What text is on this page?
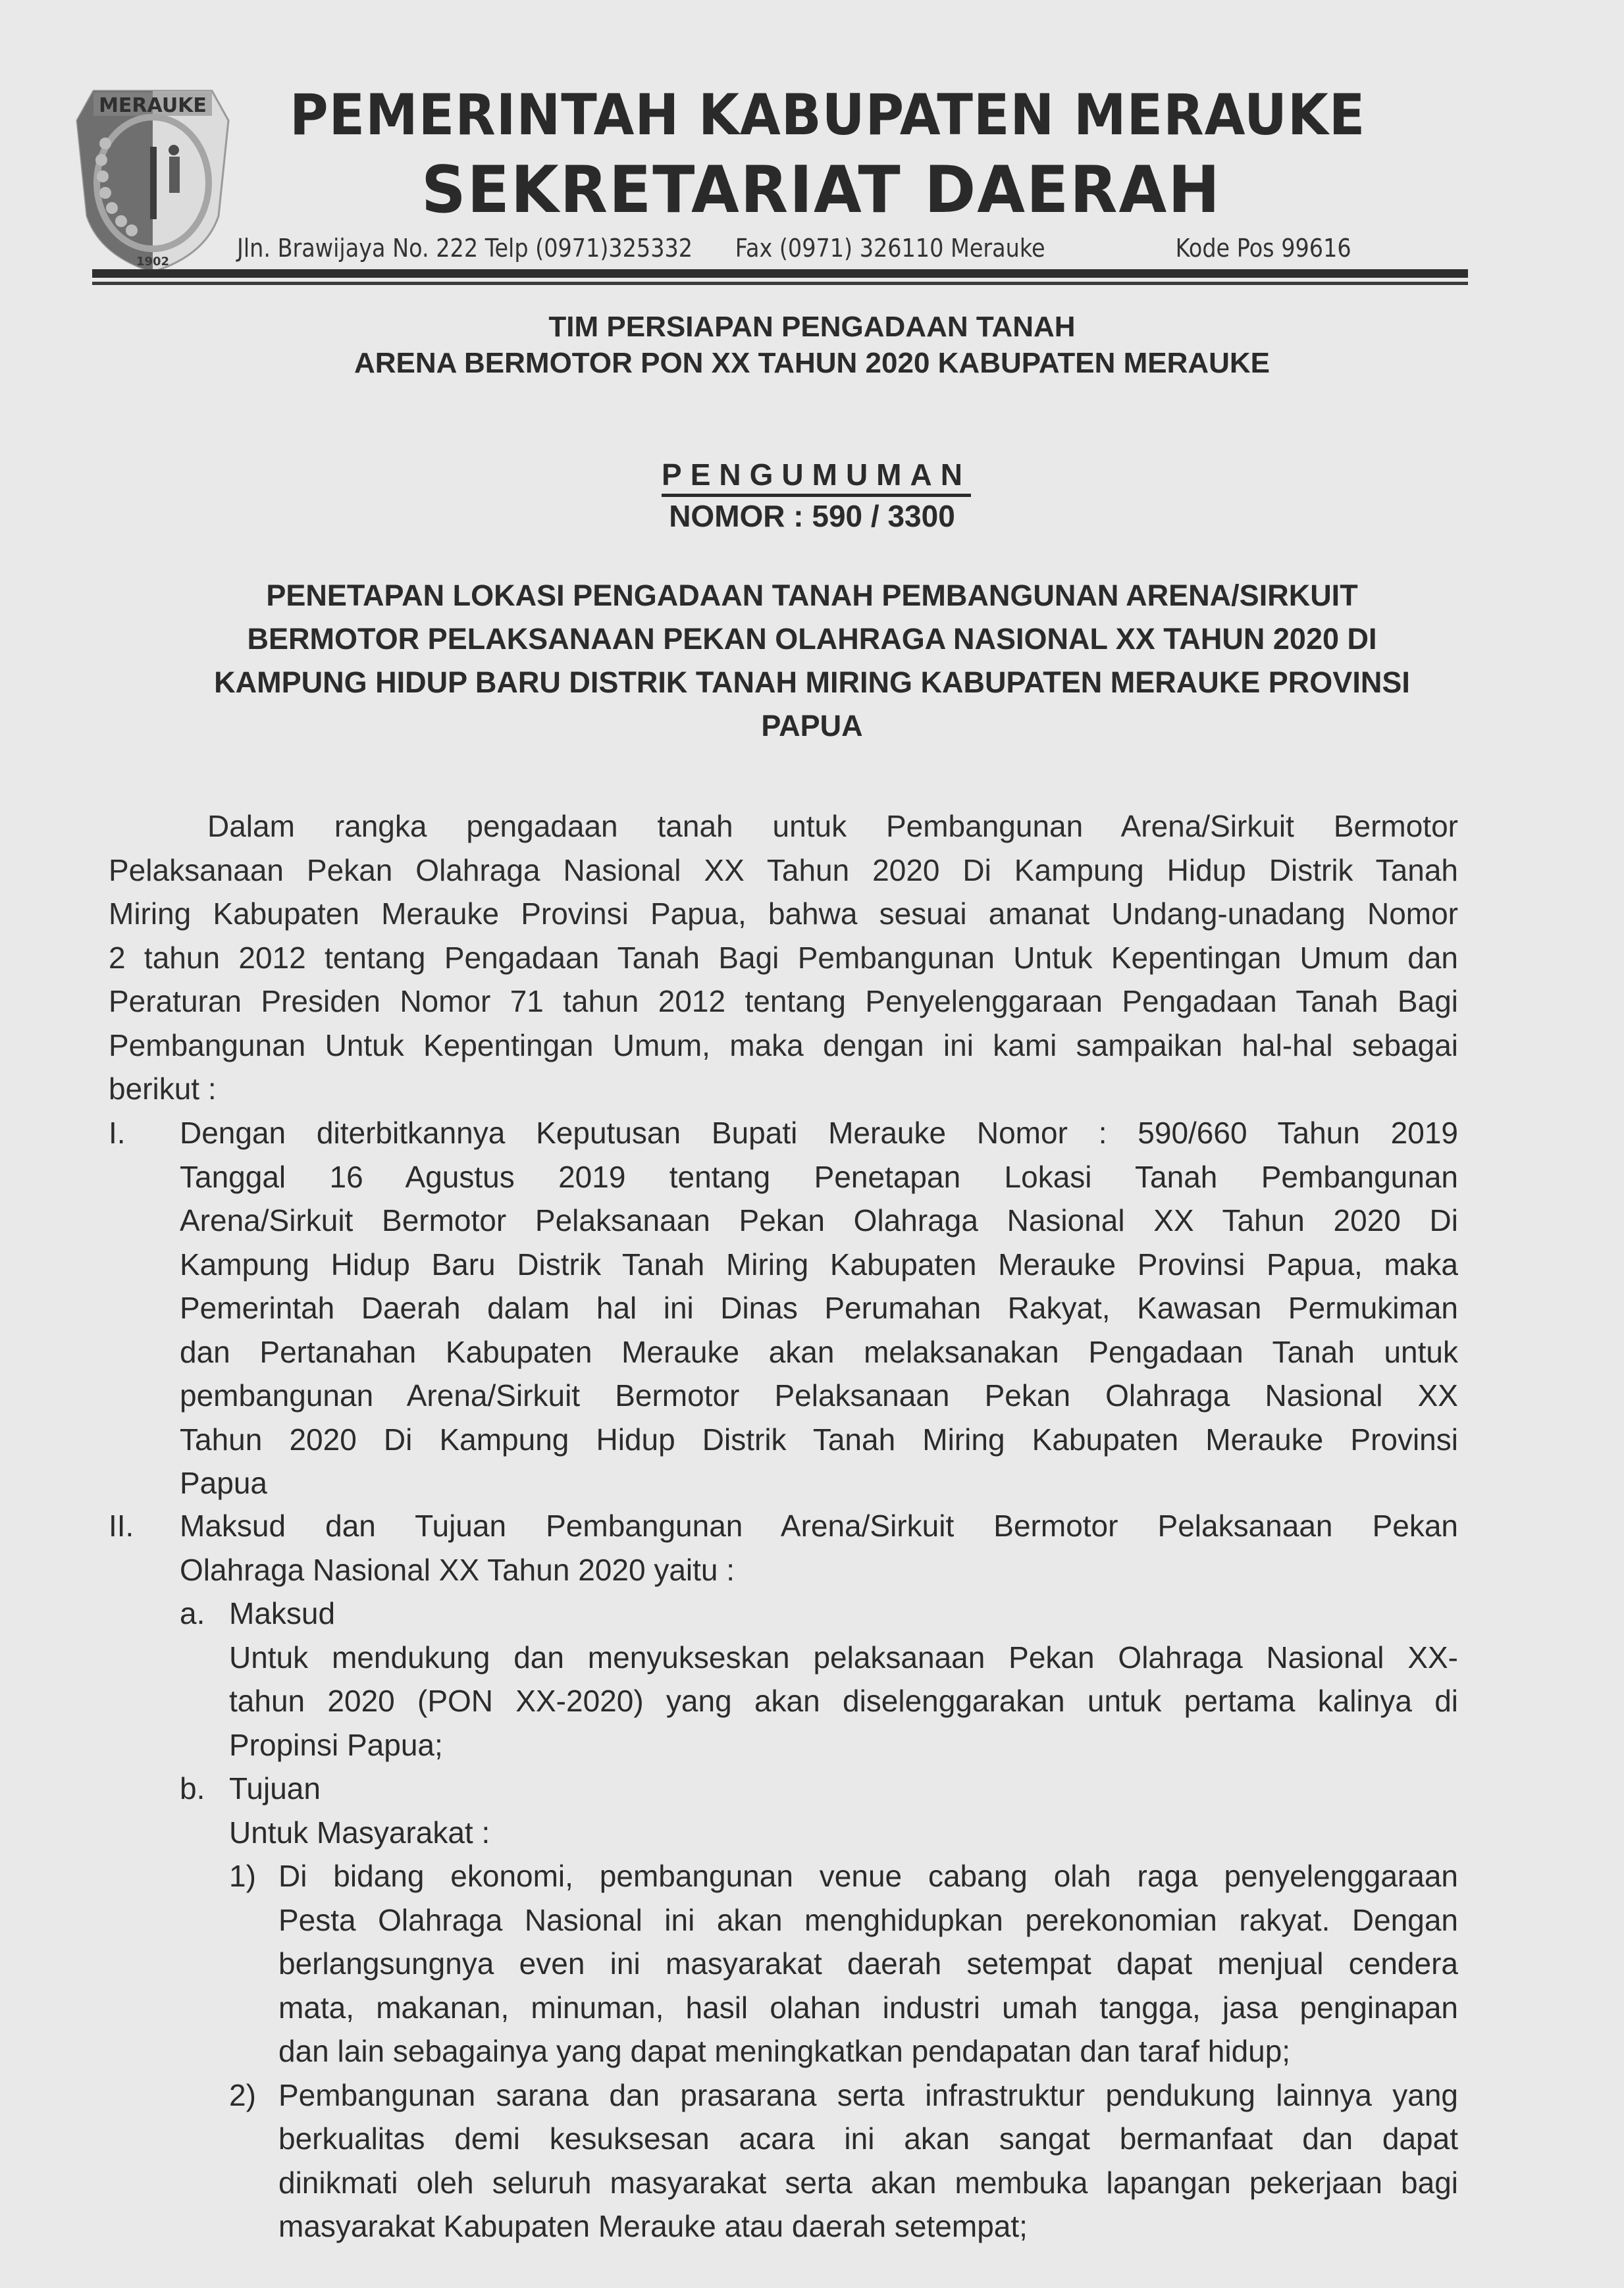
MERAUKE
1902
PEMERINTAH KABUPATEN MERAUKE
SEKRETARIAT DAERAH
Jln. Brawijaya No. 222 Telp (0971)325332 Fax (0971) 326110 Merauke	Kode Pos 99616
TIM PERSIAPAN PENGADAAN TANAH
ARENA BERMOTOR PON XX TAHUN 2020 KABUPATEN MERAUKE
PENGUMUMAN
NOMOR : 590 / 3300
PENETAPAN LOKASI PENGADAAN TANAH PEMBANGUNAN ARENA/SIRKUIT
BERMOTOR PELAKSANAAN PEKAN OLAHRAGA NASIONAL XX TAHUN 2020 DI
KAMPUNG HIDUP BARU DISTRIK TANAH MIRING KABUPATEN MERAUKE PROVINSI
PAPUA
Dalam rangka pengadaan tanah untuk Pembangunan Arena/Sirkuit Bermotor
Pelaksanaan Pekan Olahraga Nasional XX Tahun 2020 Di Kampung Hidup Distrik Tanah
Miring Kabupaten Merauke Provinsi Papua, bahwa sesuai amanat Undang-unadang Nomor
2 tahun 2012 tentang Pengadaan Tanah Bagi Pembangunan Untuk Kepentingan Umum dan
Peraturan Presiden Nomor 71 tahun 2012 tentang Penyelenggaraan Pengadaan Tanah Bagi
Pembangunan Untuk Kepentingan Umum, maka dengan ini kami sampaikan hal-hal sebagai
berikut :
I. Dengan diterbitkannya Keputusan Bupati Merauke Nomor : 590/660 Tahun 2019
Tanggal 16 Agustus 2019 tentang Penetapan Lokasi Tanah Pembangunan
Arena/Sirkuit Bermotor Pelaksanaan Pekan Olahraga Nasional XX Tahun 2020 Di
Kampung Hidup Baru Distrik Tanah Miring Kabupaten Merauke Provinsi Papua, maka
Pemerintah Daerah dalam hal ini Dinas Perumahan Rakyat, Kawasan Permukiman
dan Pertanahan Kabupaten Merauke akan melaksanakan Pengadaan Tanah untuk
pembangunan Arena/Sirkuit Bermotor Pelaksanaan Pekan Olahraga Nasional XX
Tahun 2020 Di Kampung Hidup Distrik Tanah Miring Kabupaten Merauke Provinsi
Papua
II. Maksud dan Tujuan Pembangunan Arena/Sirkuit Bermotor Pelaksanaan Pekan
Olahraga Nasional XX Tahun 2020 yaitu :
a. Maksud
Untuk mendukung dan menyukseskan pelaksanaan Pekan Olahraga Nasional XX-
tahun 2020 (PON XX-2020) yang akan diselenggarakan untuk pertama kalinya di
Propinsi Papua;
b. Tujuan
Untuk Masyarakat :
1) Di bidang ekonomi, pembangunan venue cabang olah raga penyelenggaraan
Pesta Olahraga Nasional ini akan menghidupkan perekonomian rakyat. Dengan
berlangsungnya even ini masyarakat daerah setempat dapat menjual cendera
mata, makanan, minuman, hasil olahan industri umah tangga, jasa penginapan
dan lain sebagainya yang dapat meningkatkan pendapatan dan taraf hidup;
2) Pembangunan sarana dan prasarana serta infrastruktur pendukung lainnya yang
berkualitas demi kesuksesan acara ini akan sangat bermanfaat dan dapat
dinikmati oleh seluruh masyarakat serta akan membuka lapangan pekerjaan bagi
masyarakat Kabupaten Merauke atau daerah setempat;
